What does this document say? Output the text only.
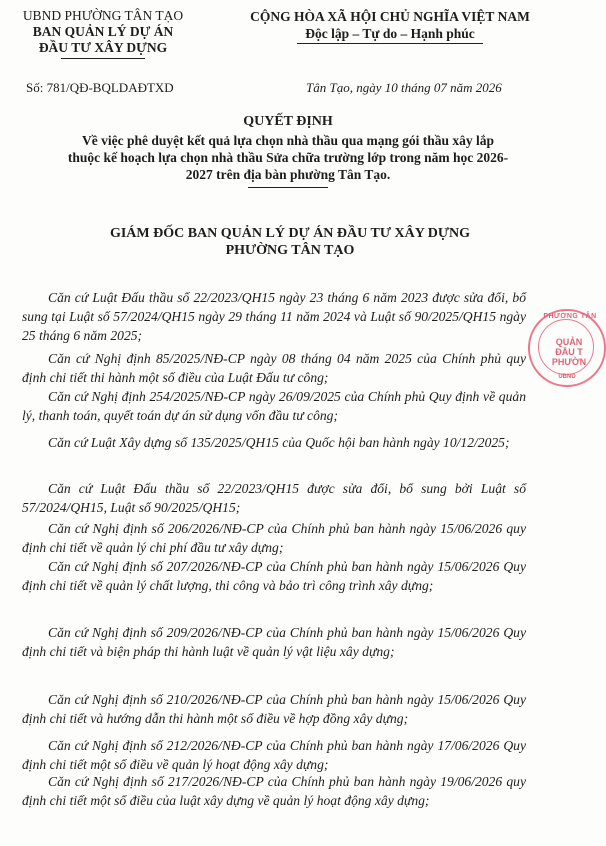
UBND PHƯỜNG TÂN TẠO
BAN QUẢN LÝ DỰ ÁN
ĐẦU TƯ XÂY DỰNG
CỘNG HÒA XÃ HỘI CHỦ NGHĨA VIỆT NAM
Độc lập – Tự do – Hạnh phúc
Số: 781/QĐ-BQLDAĐTXD	Tân Tạo, ngày 10 tháng 07 năm 2026
QUYẾT ĐỊNH
Về việc phê duyệt kết quả lựa chọn nhà thầu qua mạng gói thầu xây lắp
thuộc kế hoạch lựa chọn nhà thầu Sửa chữa trường lớp trong năm học 2026-
2027 trên địa bàn phường Tân Tạo.
GIÁM ĐỐC BAN QUẢN LÝ DỰ ÁN ĐẦU TƯ XÂY DỰNG
PHƯỜNG TÂN TẠO
Căn cứ Luật Đấu thầu số 22/2023/QH15 ngày 23 tháng 6 năm 2023 được sửa đổi, bổ sung tại Luật số 57/2024/QH15 ngày 29 tháng 11 năm 2024 và Luật số 90/2025/QH15 ngày 25 tháng 6 năm 2025;
Căn cứ Nghị định 85/2025/NĐ-CP ngày 08 tháng 04 năm 2025 của Chính phủ quy định chi tiết thi hành một số điều của Luật Đấu tư công;
Căn cứ Nghị định 254/2025/NĐ-CP ngày 26/09/2025 của Chính phủ Quy định về quản lý, thanh toán, quyết toán dự án sử dụng vốn đầu tư công;
Căn cứ Luật Xây dựng số 135/2025/QH15 của Quốc hội ban hành ngày 10/12/2025;
Căn cứ Luật Đấu thầu số 22/2023/QH15 được sửa đổi, bổ sung bởi Luật số 57/2024/QH15, Luật số 90/2025/QH15;
Căn cứ Nghị định số 206/2026/NĐ-CP của Chính phủ ban hành ngày 15/06/2026 quy định chi tiết về quản lý chi phí đầu tư xây dựng;
Căn cứ Nghị định số 207/2026/NĐ-CP của Chính phủ ban hành ngày 15/06/2026 Quy định chi tiết về quản lý chất lượng, thi công và bảo trì công trình xây dựng;
Căn cứ Nghị định số 209/2026/NĐ-CP của Chính phủ ban hành ngày 15/06/2026 Quy định chi tiết và biện pháp thi hành luật về quản lý vật liệu xây dựng;
Căn cứ Nghị định số 210/2026/NĐ-CP của Chính phủ ban hành ngày 15/06/2026 Quy định chi tiết và hướng dẫn thi hành một số điều về hợp đồng xây dựng;
Căn cứ Nghị định số 212/2026/NĐ-CP của Chính phủ ban hành ngày 17/06/2026 Quy định chi tiết một số điều về quản lý hoạt động xây dựng;
Căn cứ Nghị định số 217/2026/NĐ-CP của Chính phủ ban hành ngày 19/06/2026 quy định chi tiết một số điều của luật xây dựng về quản lý hoạt động xây dựng;
PHƯỜNG TÂN
QUẢN
ĐẦU T
PHƯỜN
UBND
